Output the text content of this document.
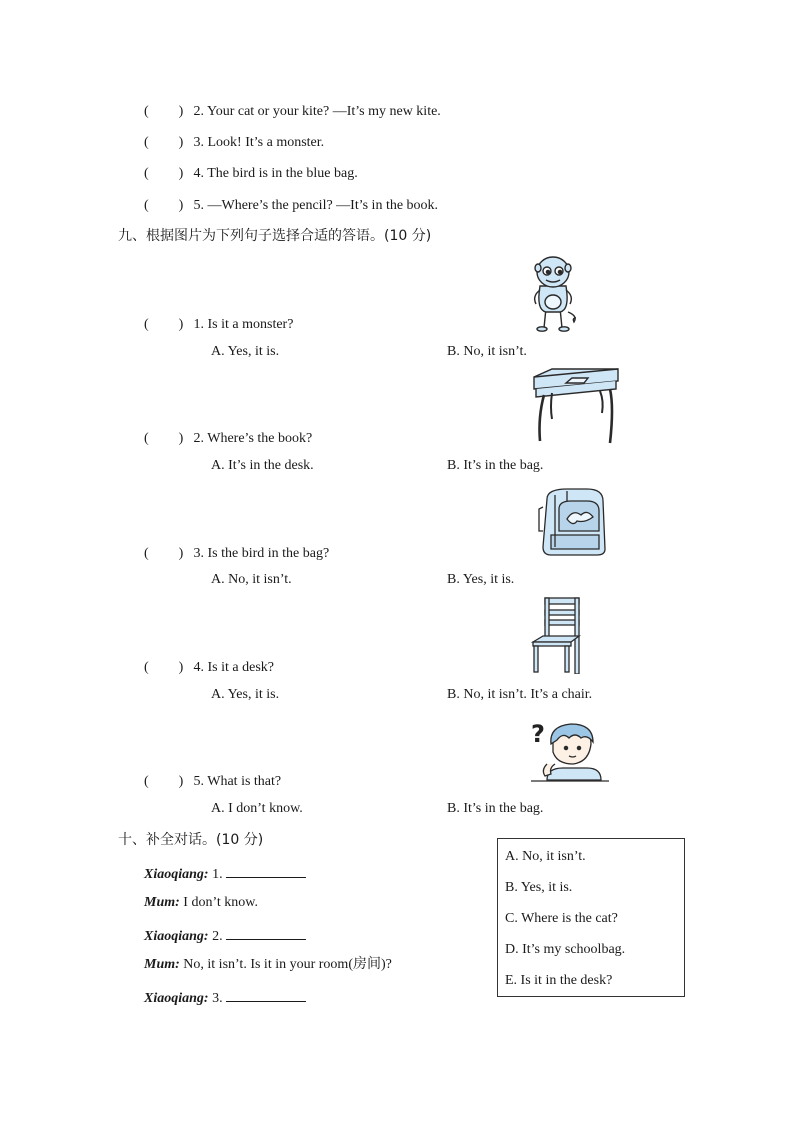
( ) 2. Your cat or your kite? —It’s my new kite.
( ) 3. Look! It’s a monster.
( ) 4. The bird is in the blue bag.
( ) 5. —Where’s the pencil? —It’s in the book.
九、根据图片为下列句子选择合适的答语。(10 分)
( ) 1. Is it a monster?
A. Yes, it is.	B. No, it isn’t.
( ) 2. Where’s the book?
A. It’s in the desk.	B. It’s in the bag.
( ) 3. Is the bird in the bag?
A. No, it isn’t.	B. Yes, it is.
( ) 4. Is it a desk?
A. Yes, it is.	B. No, it isn’t. It’s a chair.
( ) 5. What is that?
A. I don’t know.	B. It’s in the bag.
?
十、补全对话。(10 分)
Xiaoqiang: 1.
Mum: I don’t know.
Xiaoqiang: 2.
Mum: No, it isn’t. Is it in your room(房间)?
Xiaoqiang: 3.
A. No, it isn’t.
B. Yes, it is.
C. Where is the cat?
D. It’s my schoolbag.
E. Is it in the desk?
